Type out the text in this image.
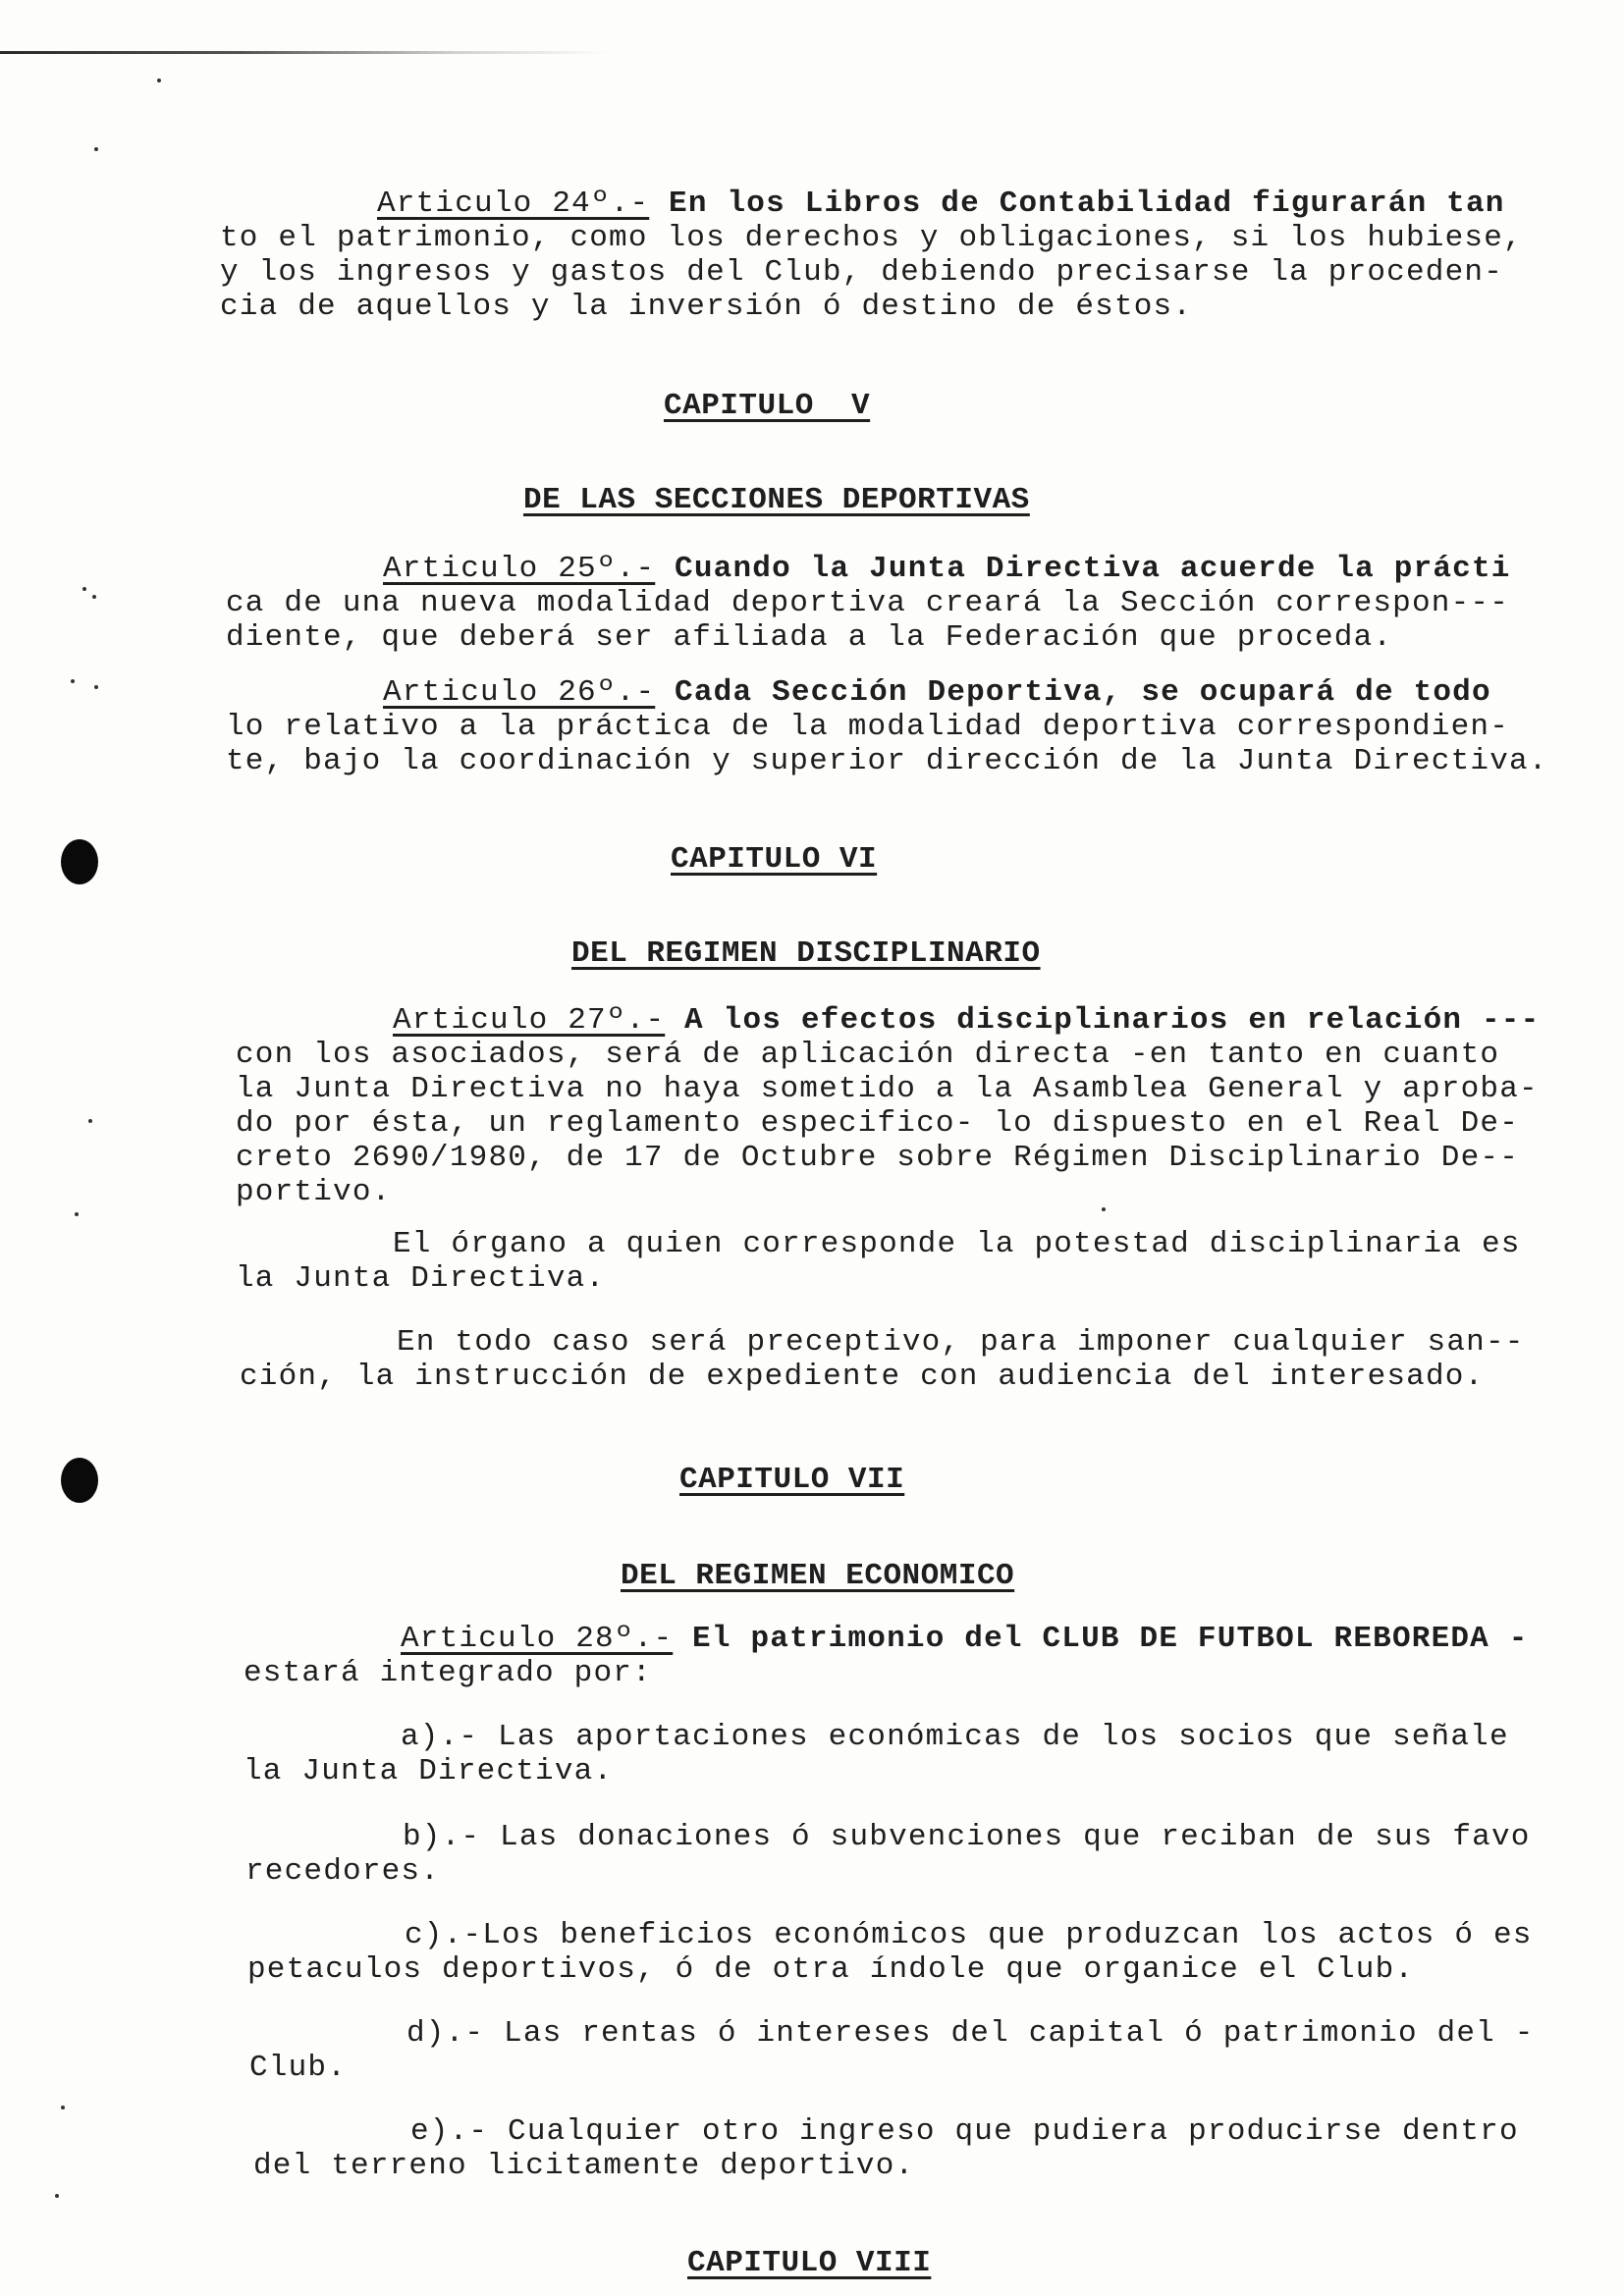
Articulo 24º.- En los Libros de Contabilidad figurarán tan
to el patrimonio, como los derechos y obligaciones, si los hubiese,
y los ingresos y gastos del Club, debiendo precisarse la proceden-
cia de aquellos y la inversión ó destino de éstos.
CAPITULO  V
DE LAS SECCIONES DEPORTIVAS
Articulo 25º.- Cuando la Junta Directiva acuerde la prácti
ca de una nueva modalidad deportiva creará la Sección correspon---
diente, que deberá ser afiliada a la Federación que proceda.
Articulo 26º.- Cada Sección Deportiva, se ocupará de todo
lo relativo a la práctica de la modalidad deportiva correspondien-
te, bajo la coordinación y superior dirección de la Junta Directiva.
CAPITULO VI
DEL REGIMEN DISCIPLINARIO
Articulo 27º.- A los efectos disciplinarios en relación ---
con los asociados, será de aplicación directa -en tanto en cuanto
la Junta Directiva no haya sometido a la Asamblea General y aproba-
do por ésta, un reglamento especifico- lo dispuesto en el Real De-
creto 2690/1980, de 17 de Octubre sobre Régimen Disciplinario De--
portivo.
El órgano a quien corresponde la potestad disciplinaria es
la Junta Directiva.
En todo caso será preceptivo, para imponer cualquier san--
ción, la instrucción de expediente con audiencia del interesado.
CAPITULO VII
DEL REGIMEN ECONOMICO
Articulo 28º.- El patrimonio del CLUB DE FUTBOL REBOREDA -
estará integrado por:
a).- Las aportaciones económicas de los socios que señale
la Junta Directiva.
b).- Las donaciones ó subvenciones que reciban de sus favo
recedores.
c).-Los beneficios económicos que produzcan los actos ó es
petaculos deportivos, ó de otra índole que organice el Club.
d).- Las rentas ó intereses del capital ó patrimonio del -
Club.
e).- Cualquier otro ingreso que pudiera producirse dentro
del terreno licitamente deportivo.
CAPITULO VIII
